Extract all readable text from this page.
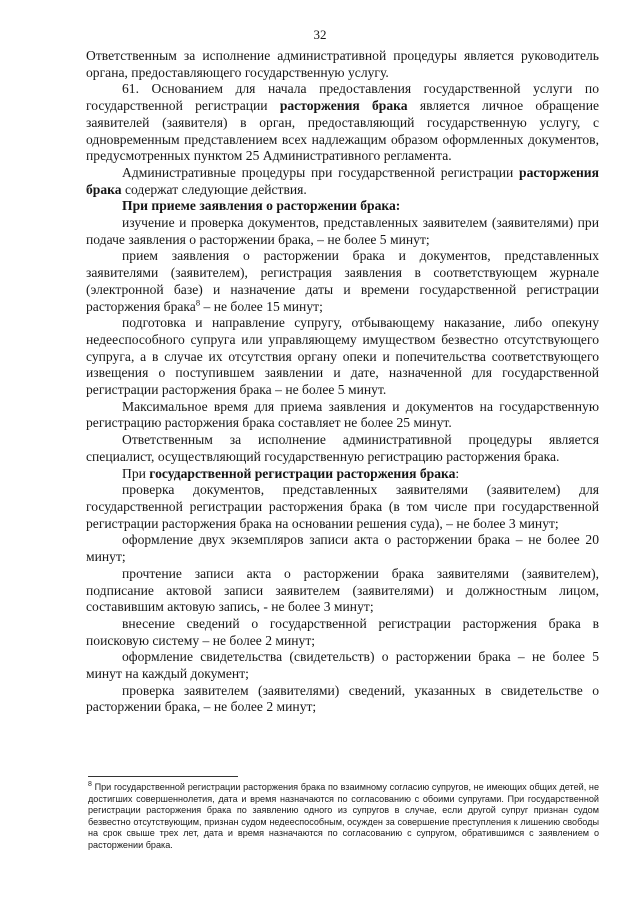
32

Ответственным за исполнение административной процедуры является руководитель органа, предоставляющего государственную услугу.

61. Основанием для начала предоставления государственной услуги по государственной регистрации расторжения брака является личное обращение заявителей (заявителя) в орган, предоставляющий государственную услугу, с одновременным представлением всех надлежащим образом оформленных документов, предусмотренных пунктом 25 Административного регламента.

Административные процедуры при государственной регистрации расторжения брака содержат следующие действия.

При приеме заявления о расторжении брака:

изучение и проверка документов, представленных заявителем (заявителями) при подаче заявления о расторжении брака, – не более 5 минут;

прием заявления о расторжении брака и документов, представленных заявителями (заявителем), регистрация заявления в соответствующем журнале (электронной базе) и назначение даты и времени государственной регистрации расторжения брака$^8$ – не более 15 минут;

подготовка и направление супругу, отбывающему наказание, либо опекуну недееспособного супруга или управляющему имуществом безвестно отсутствующего супруга, а в случае их отсутствия органу опеки и попечительства соответствующего извещения о поступившем заявлении и дате, назначенной для государственной регистрации расторжения брака – не более 5 минут.

Максимальное время для приема заявления и документов на государственную регистрацию расторжения брака составляет не более 25 минут.

Ответственным за исполнение административной процедуры является специалист, осуществляющий государственную регистрацию расторжения брака.

При государственной регистрации расторжения брака:

проверка документов, представленных заявителями (заявителем) для государственной регистрации расторжения брака (в том числе при государственной регистрации расторжения брака на основании решения суда), – не более 3 минут;

оформление двух экземпляров записи акта о расторжении брака – не более 20 минут;

прочтение записи акта о расторжении брака заявителями (заявителем), подписание актовой записи заявителем (заявителями) и должностным лицом, составившим актовую запись, - не более 3 минут;

внесение сведений о государственной регистрации расторжения брака в поисковую систему – не более 2 минут;

оформление свидетельства (свидетельств) о расторжении брака – не более 5 минут на каждый документ;

проверка заявителем (заявителями) сведений, указанных в свидетельстве о расторжении брака, – не более 2 минут;

$^8$ При государственной регистрации расторжения брака по взаимному согласию супругов, не имеющих общих детей, не достигших совершеннолетия, дата и время назначаются по согласованию с обоими супругами. При государственной регистрации расторжения брака по заявлению одного из супругов в случае, если другой супруг признан судом безвестно отсутствующим, признан судом недееспособным, осужден за совершение преступления к лишению свободы на срок свыше трех лет, дата и время назначаются по согласованию с супругом, обратившимся с заявлением о расторжении брака.
